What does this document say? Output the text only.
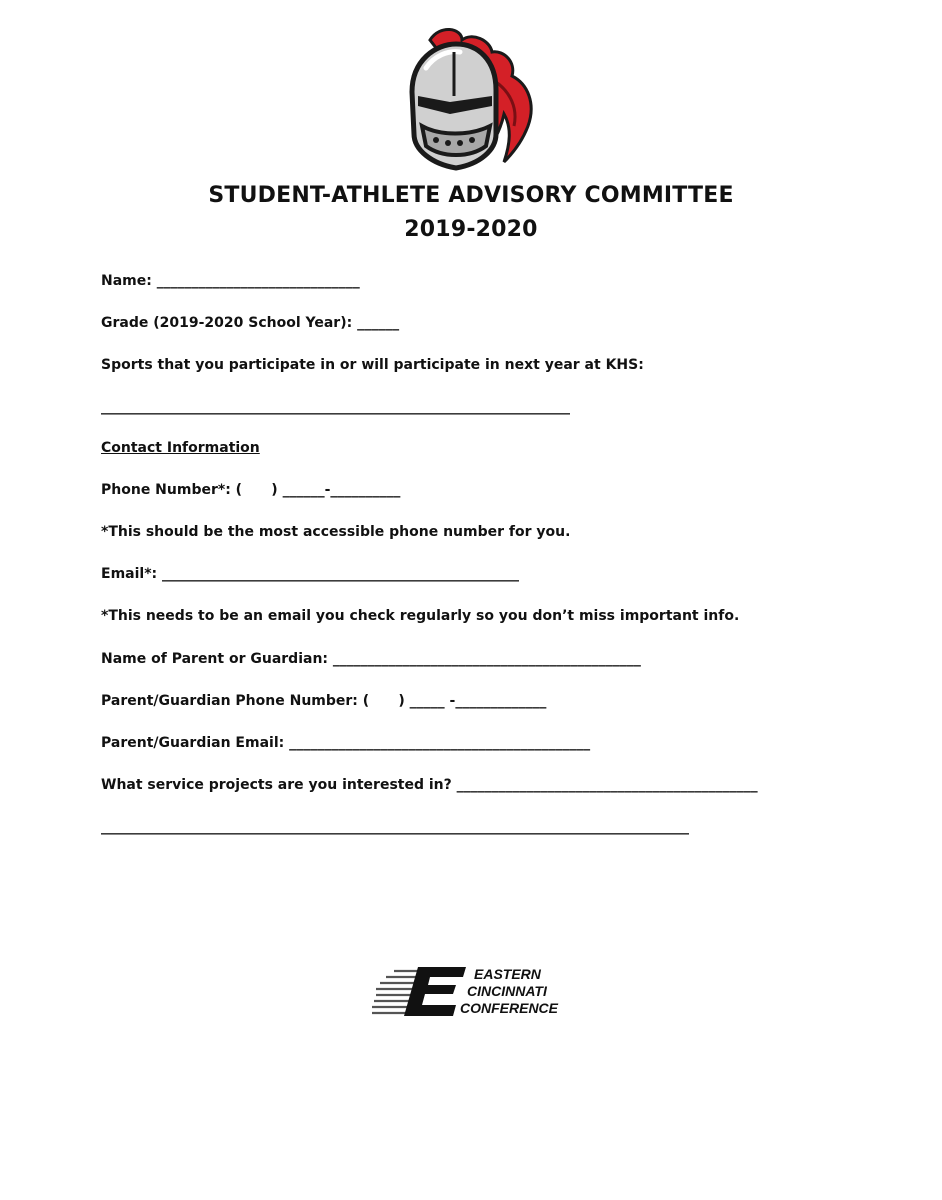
STUDENT-ATHLETE ADVISORY COMMITTEE
2019-2020

Name: _____________________________

Grade (2019-2020 School Year): ______

Sports that you participate in or will participate in next year at KHS:

___________________________________________________________________

Contact Information

Phone Number*: (      ) ______-__________

*This should be the most accessible phone number for you.

Email*: ___________________________________________________

*This needs to be an email you check regularly so you don’t miss important info.

Name of Parent or Guardian: ____________________________________________

Parent/Guardian Phone Number: (      ) _____ -_____________

Parent/Guardian Email: ___________________________________________

What service projects are you interested in? ___________________________________________

____________________________________________________________________________________

EASTERN
CINCINNATI
CONFERENCE
